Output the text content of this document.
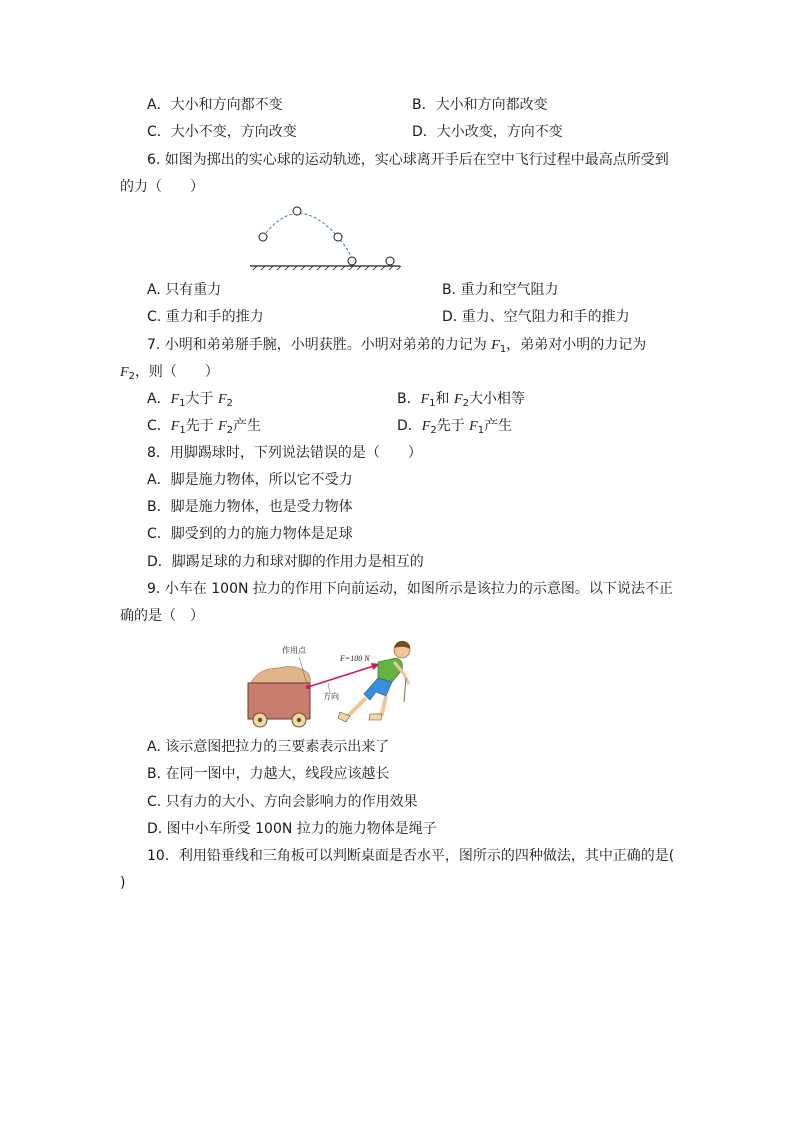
A．大小和方向都不变	B．大小和方向都改变
C．大小不变，方向改变	D．大小改变，方向不变
6. 如图为掷出的实心球的运动轨迹，实心球离开手后在空中飞行过程中最高点所受到
的力（　　）
A. 只有重力	B. 重力和空气阻力
C. 重力和手的推力	D. 重力、空气阻力和手的推力
7. 小明和弟弟掰手腕，小明获胜。小明对弟弟的力记为 $F_1$，弟弟对小明的力记为
$F_2$，则（　　）
A．$F_1$大于 $F_2$	B．$F_1$和 $F_2$大小相等
C．$F_1$先于 $F_2$产生	D．$F_2$先于 $F_1$产生
8．用脚踢球时，下列说法错误的是（　　）
A．脚是施力物体，所以它不受力
B．脚是施力物体，也是受力物体
C．脚受到的力的施力物体是足球
D．脚踢足球的力和球对脚的作用力是相互的
9. 小车在 100N 拉力的作用下向前运动，如图所示是该拉力的示意图。以下说法不正
确的是（　）
作用点
F=100 N
方向
A. 该示意图把拉力的三要素表示出来了
B. 在同一图中，力越大，线段应该越长
C. 只有力的大小、方向会影响力的作用效果
D. 图中小车所受 100N 拉力的施力物体是绳子
10．利用铅垂线和三角板可以判断桌面是否水平，图所示的四种做法，其中正确的是(
)
